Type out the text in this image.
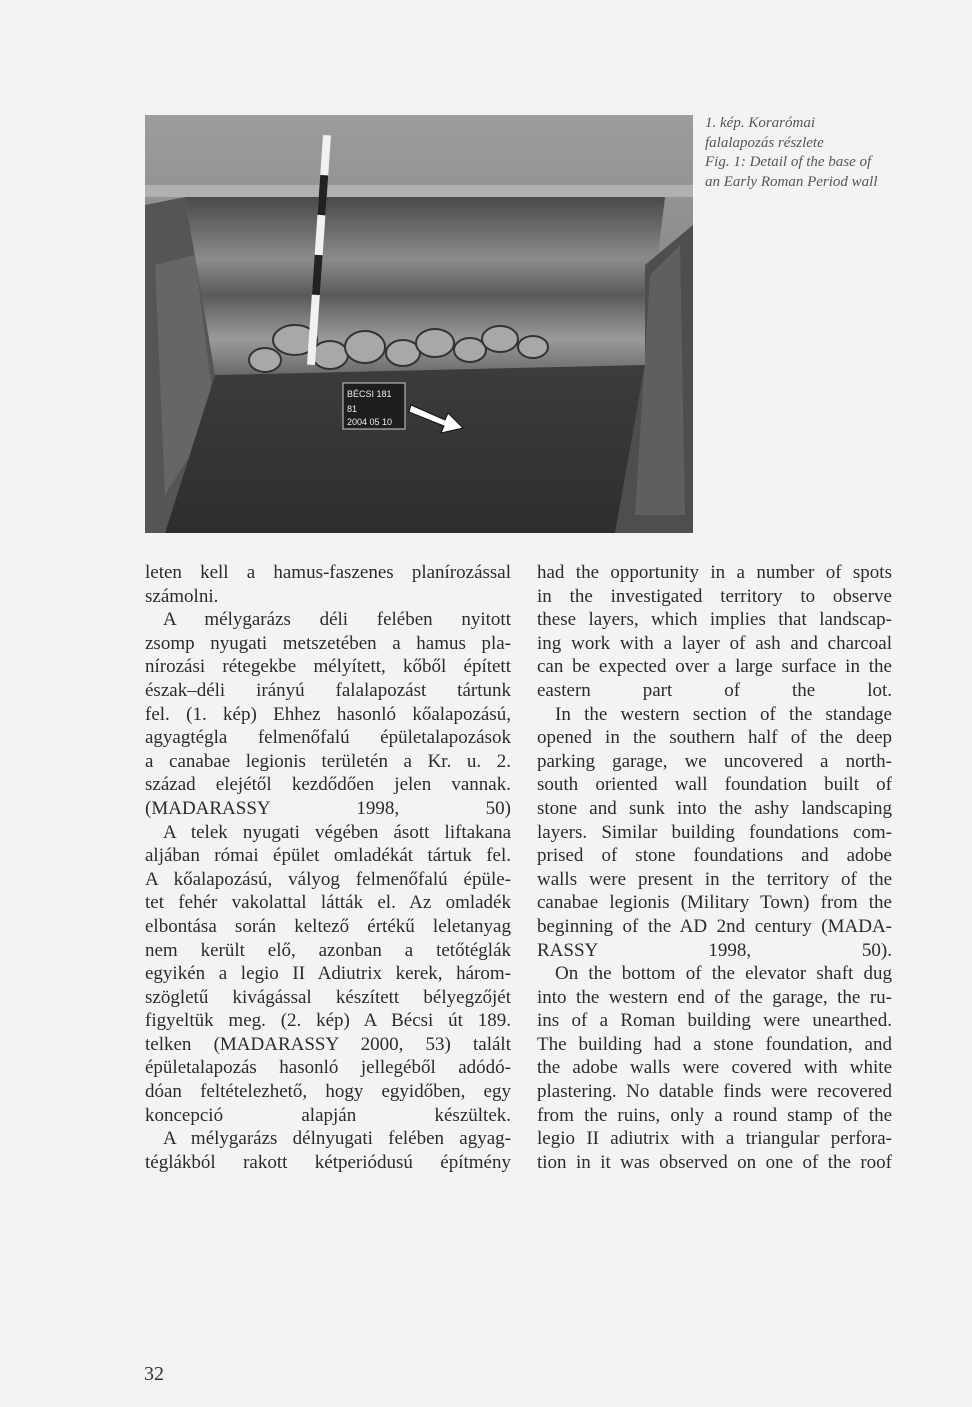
BÉCSI 181
81
2004 05 10
1. kép. Korarómai
falalapozás részlete
Fig. 1: Detail of the base of
an Early Roman Period wall

leten kell a hamus-faszenes planírozással
számolni.

A mélygarázs déli felében nyitott
zsomp nyugati metszetében a hamus pla-
nírozási rétegekbe mélyített, kőből épített
észak–déli irányú falalapozást tártunk
fel. (1. kép) Ehhez hasonló kőalapozású,
agyagtégla felmenőfalú épületalapozások
a canabae legionis területén a Kr. u. 2.
század elejétől kezdődően jelen vannak.
(MADARASSY 1998, 50)

A telek nyugati végében ásott liftakana
aljában római épület omladékát tártuk fel.
A kőalapozású, vályog felmenőfalú épüle-
tet fehér vakolattal látták el. Az omladék
elbontása során keltező értékű leletanyag
nem került elő, azonban a tetőtéglák
egyikén a legio II Adiutrix kerek, három-
szögletű kivágással készített bélyegzőjét
figyeltük meg. (2. kép) A Bécsi út 189.
telken (MADARASSY 2000, 53) talált
épületalapozás hasonló jellegéből adódó-
dóan feltételezhető, hogy egyidőben, egy
koncepció alapján készültek.

A mélygarázs délnyugati felében agyag-
téglákból rakott kétperiódusú építmény

had the opportunity in a number of spots
in the investigated territory to observe
these layers, which implies that landscap-
ing work with a layer of ash and charcoal
can be expected over a large surface in the
eastern part of the lot.

In the western section of the standage
opened in the southern half of the deep
parking garage, we uncovered a north-
south oriented wall foundation built of
stone and sunk into the ashy landscaping
layers. Similar building foundations com-
prised of stone foundations and adobe
walls were present in the territory of the
canabae legionis (Military Town) from the
beginning of the AD 2nd century (MADA-
RASSY 1998, 50).

On the bottom of the elevator shaft dug
into the western end of the garage, the ru-
ins of a Roman building were unearthed.
The building had a stone foundation, and
the adobe walls were covered with white
plastering. No datable finds were recovered
from the ruins, only a round stamp of the
legio II adiutrix with a triangular perfora-
tion in it was observed on one of the roof

32
